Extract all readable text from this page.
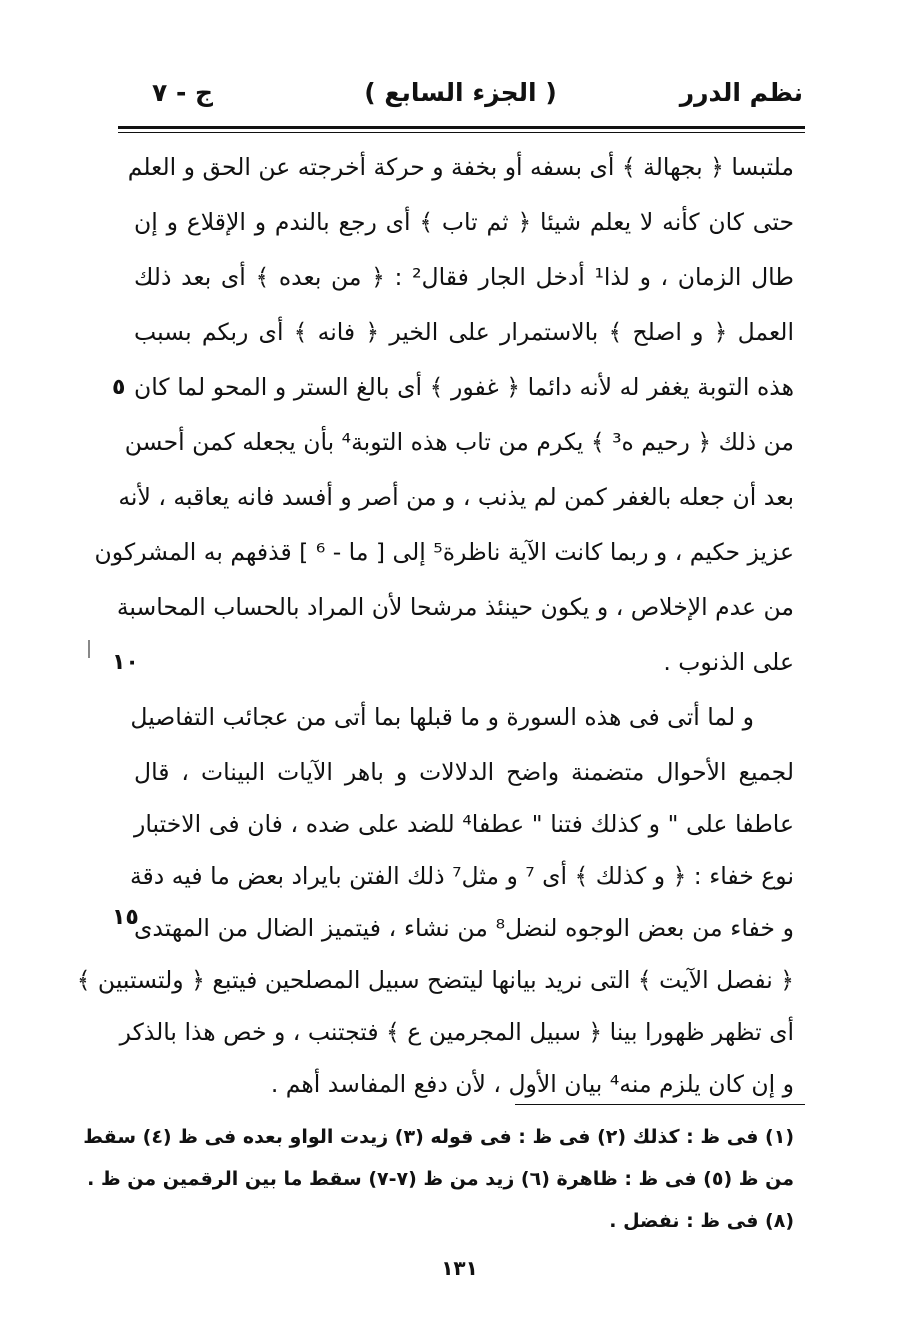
نظم الدرر
( الجزء السابع )
ج - ٧
ملتبسا ﴿ بجهالة ﴾ أى بسفه أو بخفة و حركة أخرجته عن الحق و العلم
حتى كان كأنه لا يعلم شيئا ﴿ ثم تاب ﴾ أى رجع بالندم و الإقلاع و إن
طال الزمان ، و لذا¹ أدخل الجار فقال² : ﴿ من بعده ﴾ أى بعد ذلك
العمل ﴿ و اصلح ﴾ بالاستمرار على الخير ﴿ فانه ﴾ أى ربكم بسبب
هذه التوبة يغفر له لأنه دائما ﴿ غفور ﴾ أى بالغ الستر و المحو لما كان
من ذلك ﴿ رحيم ه³ ﴾ يكرم من تاب هذه التوبة⁴ بأن يجعله كمن أحسن
بعد أن جعله بالغفر كمن لم يذنب ، و من أصر و أفسد فانه يعاقبه ، لأنه
عزيز حكيم ، و ربما كانت الآية ناظرة⁵ إلى [ ما - ⁶ ] قذفهم به المشركون
من عدم الإخلاص ، و يكون حينئذ مرشحا لأن المراد بالحساب المحاسبة
على الذنوب .
و لما أتى فى هذه السورة و ما قبلها بما أتى من عجائب التفاصيل
لجميع الأحوال متضمنة واضح الدلالات و باهر الآيات البينات ، قال
عاطفا على " و كذلك فتنا " عطفا⁴ للضد على ضده ، فان فى الاختبار
نوع خفاء : ﴿ و كذلك ﴾ أى ⁷ و مثل⁷ ذلك الفتن بايراد بعض ما فيه دقة
و خفاء من بعض الوجوه لنضل⁸ من نشاء ، فيتميز الضال من المهتدى
﴿ نفصل الآيت ﴾ التى نريد بيانها ليتضح سبيل المصلحين فيتبع ﴿ ولتستبين ﴾
أى تظهر ظهورا بينا ﴿ سبيل المجرمين ع ﴾ فتجتنب ، و خص هذا بالذكر
و إن كان يلزم منه⁴ بيان الأول ، لأن دفع المفاسد أهم .
٥
١٠
١٥
(١) فى ظ : كذلك (٢) فى ظ : فى قوله (٣) زيدت الواو بعده فى ظ (٤) سقط
من ظ (٥) فى ظ : ظاهرة (٦) زيد من ظ (٧-٧) سقط ما بين الرقمين من ظ .
(٨) فى ظ : نفضل .
١٣١
